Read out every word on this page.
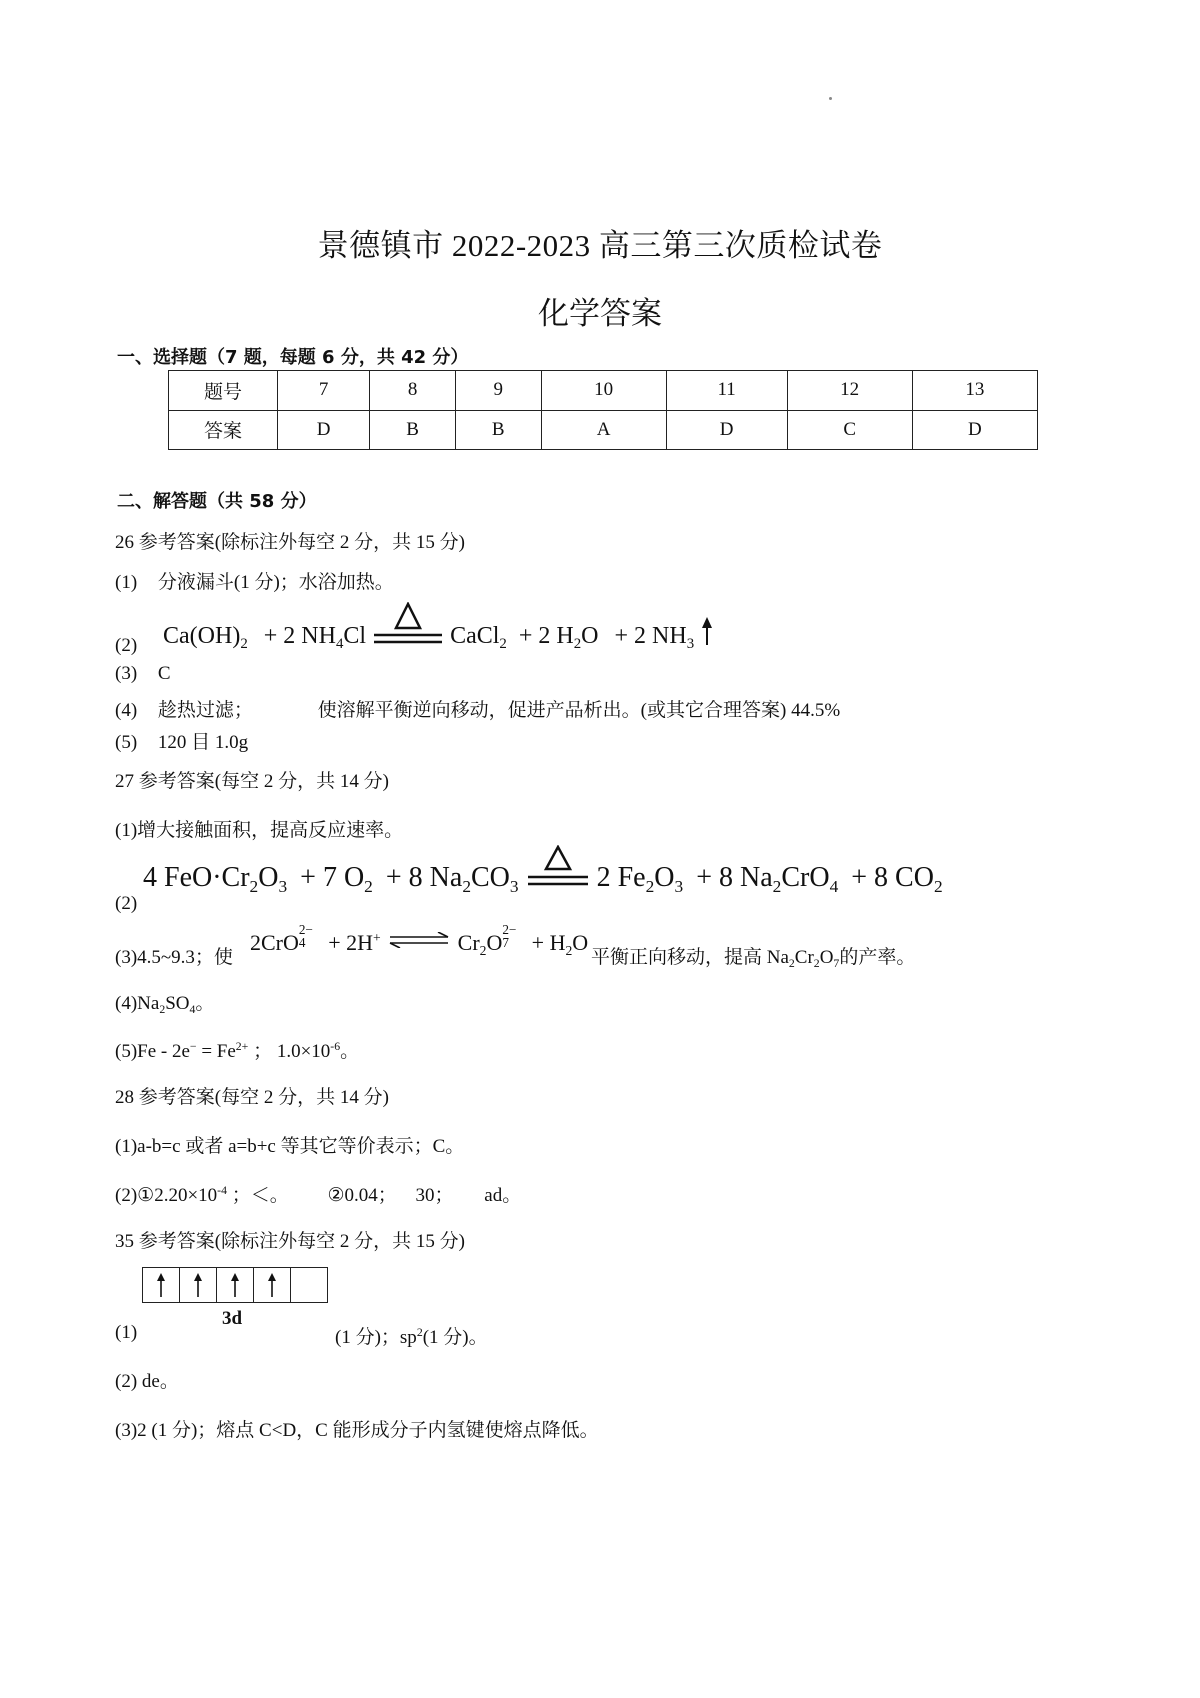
景德镇市 2022-2023 高三第三次质检试卷
化学答案
一、选择题（7 题，每题 6 分，共 42 分）
题号	7	8	9	10	11	12	13
答案	D	B	B	A	D	C	D
二、解答题（共 58 分）
26 参考答案(除标注外每空 2 分，共 15 分)
(1) 分液漏斗(1 分)；水浴加热。
(2) $Ca(OH)_2 + 2$ $NH_4Cl$	CaCl$_2$ + 2 $H_2O + 2$ $NH_3$
(3) C
(4) 趁热过滤；	使溶解平衡逆向移动，促进产品析出。(或其它合理答案) 44.5%
(5) 120 目 1.0g
27 参考答案(每空 2 分，共 14 分)
(1)增大接触面积，提高反应速率。
(2)
4 $FeO\cdot Cr_2O_3 + 7$ $O_2 + 8$ $Na_2CO_3$	2 $Fe_2O_3 + 8$ $Na_2CrO_4 + 8$ $CO_2$
(3)4.5~9.3；使
2CrO
2−
4 + 2H+ ⇌ $Cr_2O$
2−
$7 + H_2O$
平衡正向移动，提高 $Na_2Cr_2O_7$的产率。
$(4)Na_2SO_4$。
$(5)Fe - 2e^- = Fe^{2+}$ ； $1.0\times 10^{-6}$。
28 参考答案(每空 2 分，共 14 分)
(1)a-b=c 或者 a=b+c 等其它等价表示；C。
$(2)①2.20\times 10^{-4}$ ；＜。 ②0.04； 30； ad。
35 参考答案(除标注外每空 2 分，共 15 分)
3d
(1)	(1 分)；$sp^2(1$ 分)。
(2) de。
(3)2 (1 分)；熔点 C<D，C 能形成分子内氢键使熔点降低。
